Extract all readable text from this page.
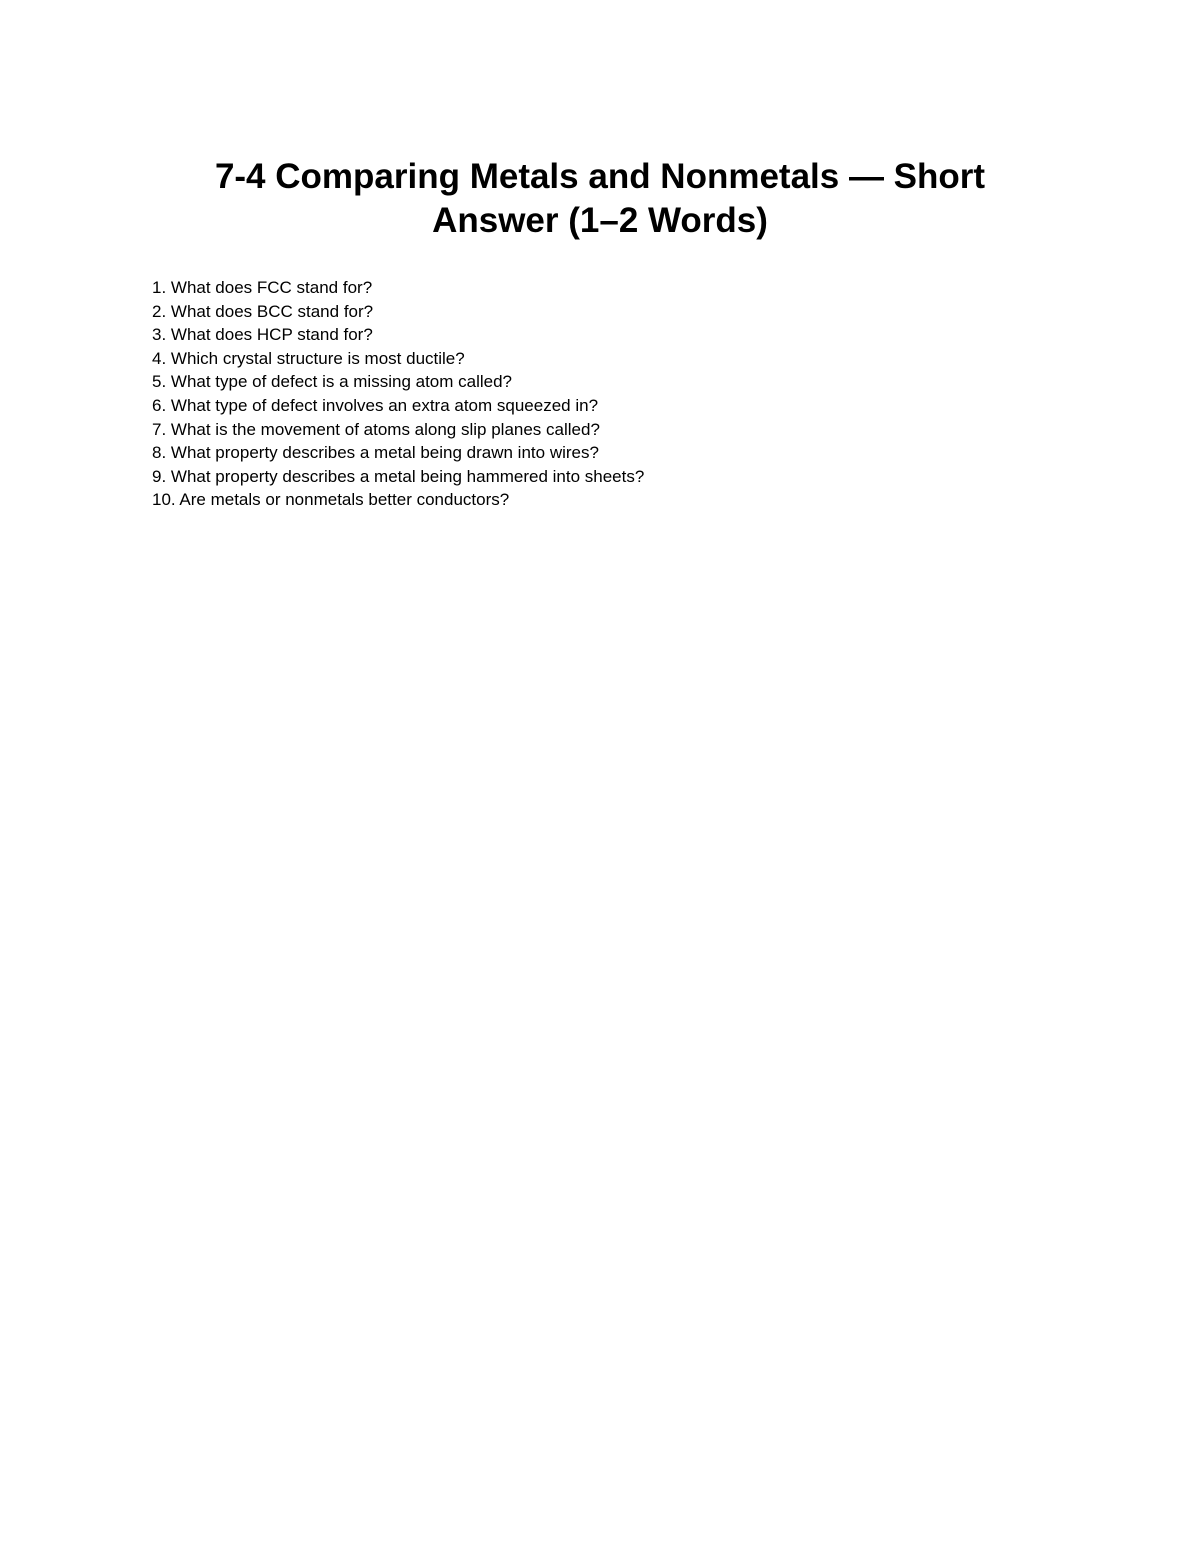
7-4 Comparing Metals and Nonmetals — Short Answer (1–2 Words)
1. What does FCC stand for?
2. What does BCC stand for?
3. What does HCP stand for?
4. Which crystal structure is most ductile?
5. What type of defect is a missing atom called?
6. What type of defect involves an extra atom squeezed in?
7. What is the movement of atoms along slip planes called?
8. What property describes a metal being drawn into wires?
9. What property describes a metal being hammered into sheets?
10. Are metals or nonmetals better conductors?
